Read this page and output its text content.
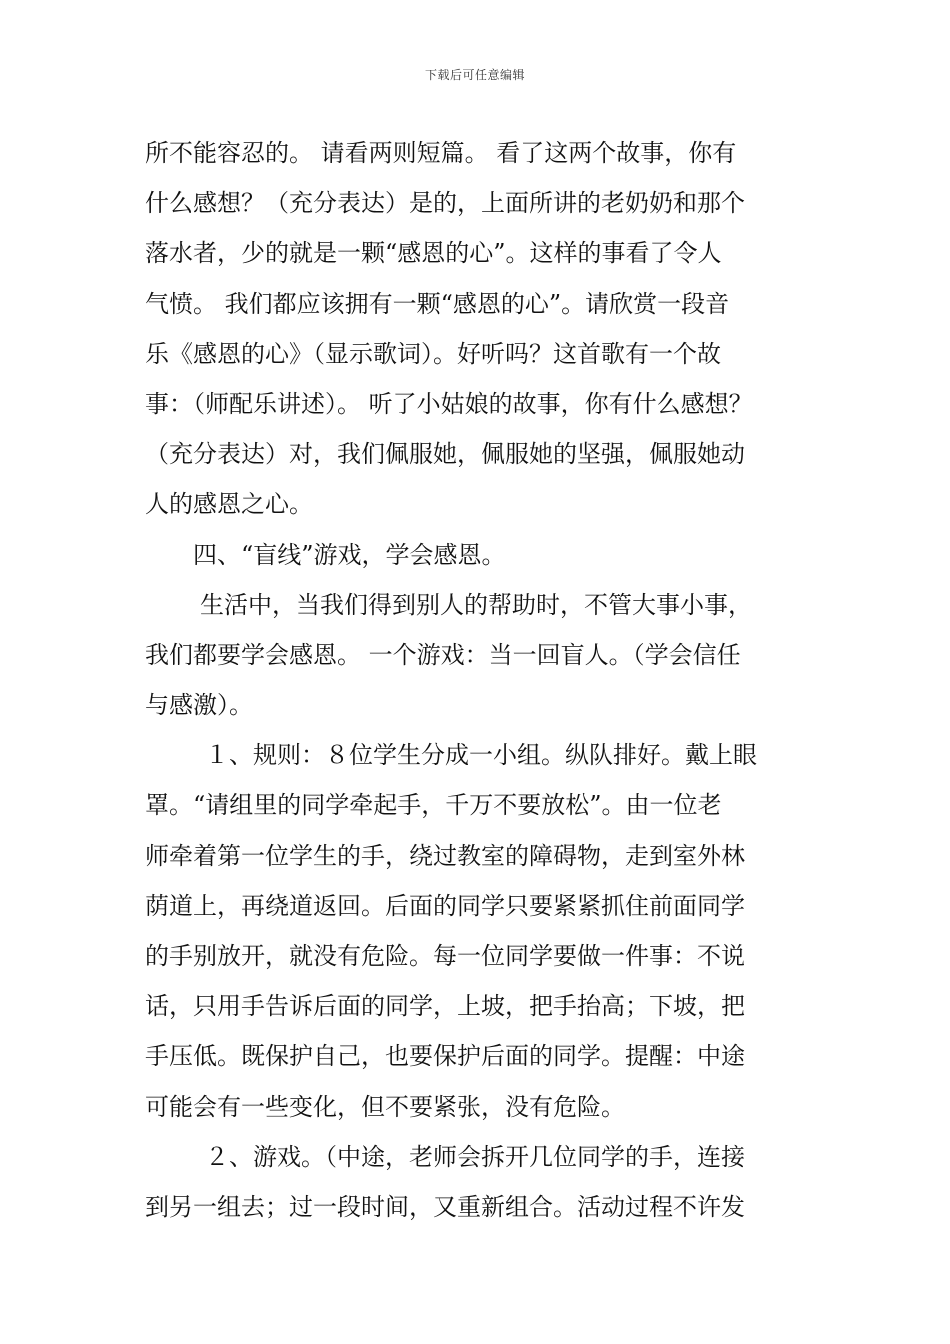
下载后可任意编辑
所不能容忍的。 请看两则短篇。 看了这两个故事，你有
什么感想？（充分表达）是的，上面所讲的老奶奶和那个
落水者，少的就是一颗“感恩的心”。这样的事看了令人
气愤。 我们都应该拥有一颗“感恩的心”。请欣赏一段音
乐《感恩的心》（显示歌词）。好听吗？这首歌有一个故
事：（师配乐讲述）。 听了小姑娘的故事，你有什么感想？
（充分表达）对，我们佩服她，佩服她的坚强，佩服她动
人的感恩之心。
四、“盲线”游戏，学会感恩。
生活中，当我们得到别人的帮助时，不管大事小事，
我们都要学会感恩。 一个游戏：当一回盲人。（学会信任
与感激）。
１、规则：８位学生分成一小组。纵队排好。戴上眼
罩。“请组里的同学牵起手，千万不要放松”。由一位老
师牵着第一位学生的手，绕过教室的障碍物，走到室外林
荫道上，再绕道返回。后面的同学只要紧紧抓住前面同学
的手别放开，就没有危险。每一位同学要做一件事：不说
话，只用手告诉后面的同学，上坡，把手抬高；下坡，把
手压低。既保护自己，也要保护后面的同学。提醒：中途
可能会有一些变化，但不要紧张，没有危险。
２、游戏。（中途，老师会拆开几位同学的手，连接
到另一组去；过一段时间，又重新组合。活动过程不许发
